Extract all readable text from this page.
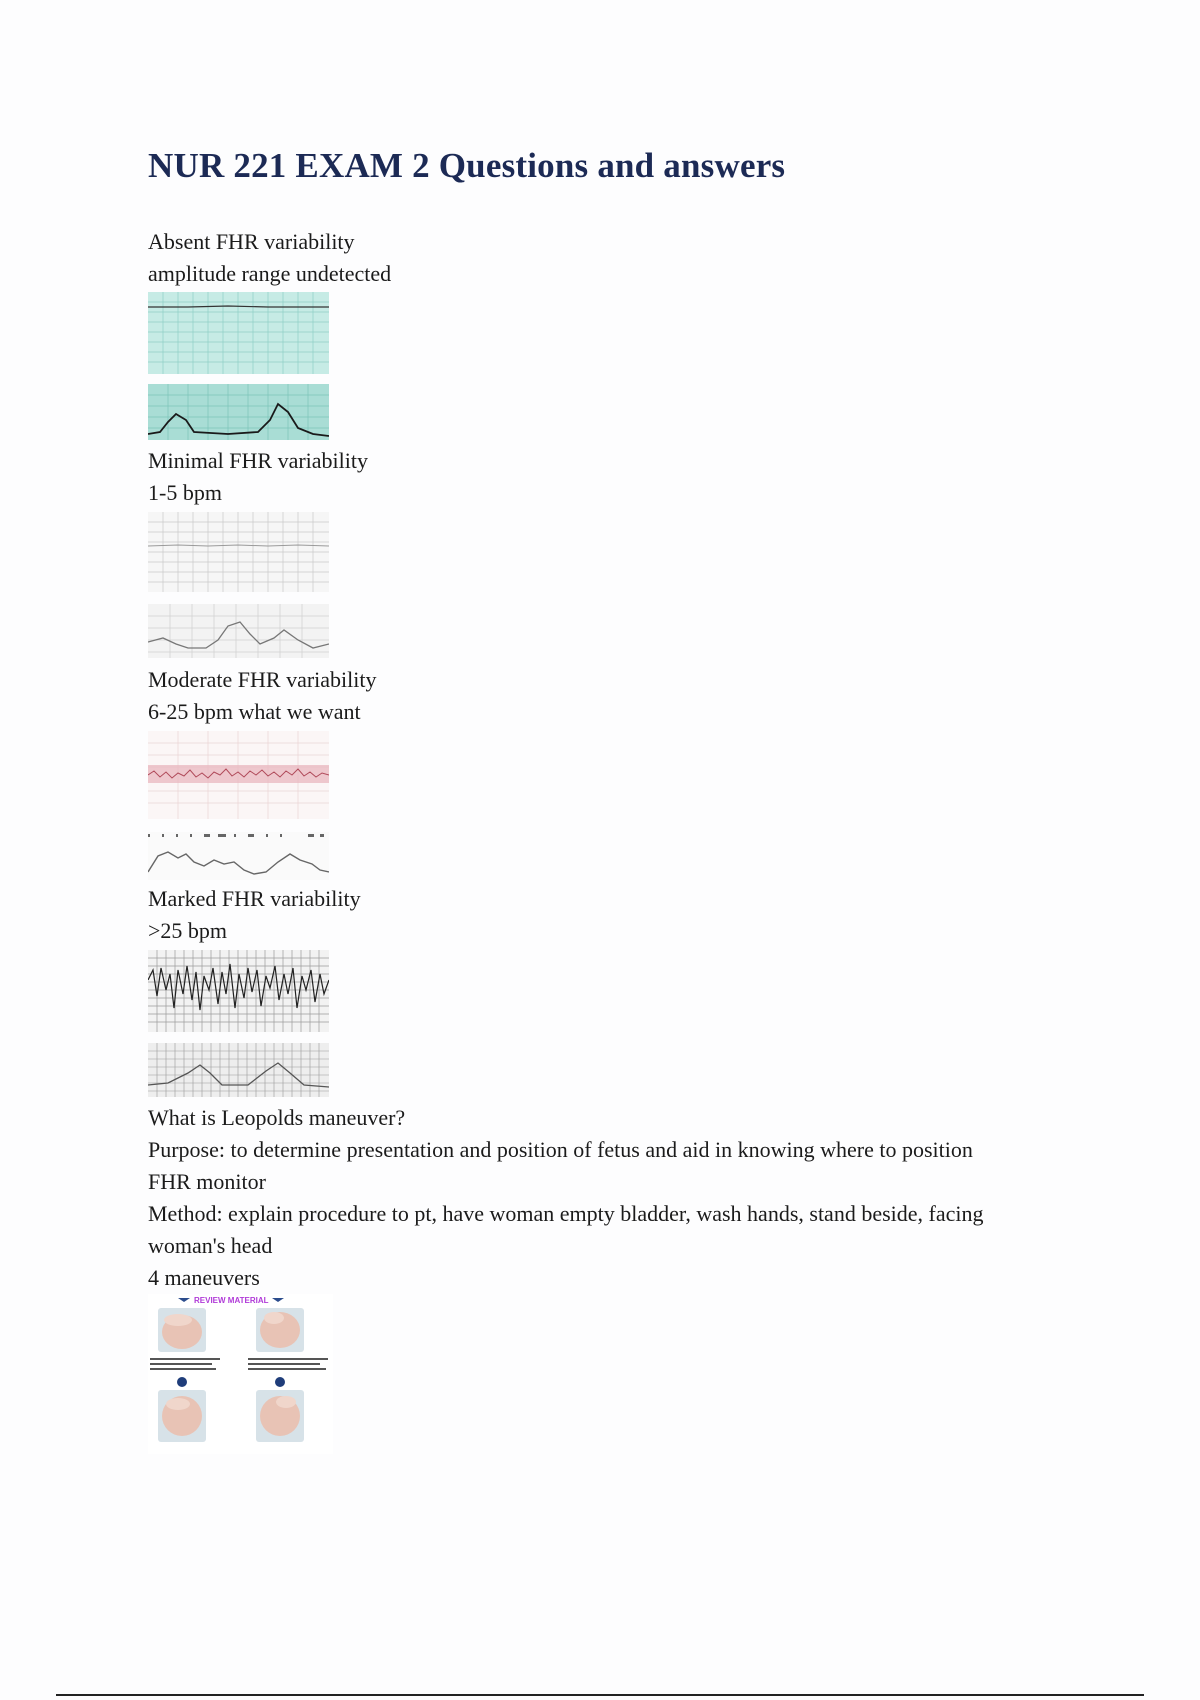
NUR 221 EXAM 2 Questions and answers
Absent FHR variability
amplitude range undetected
Minimal FHR variability
1-5 bpm
Moderate FHR variability
6-25 bpm what we want
Marked FHR variability
>25 bpm
What is Leopolds maneuver?
Purpose: to determine presentation and position of fetus and aid in knowing where to position
FHR monitor
Method: explain procedure to pt, have woman empty bladder, wash hands, stand beside, facing
woman's head
4 maneuvers
REVIEW MATERIAL
